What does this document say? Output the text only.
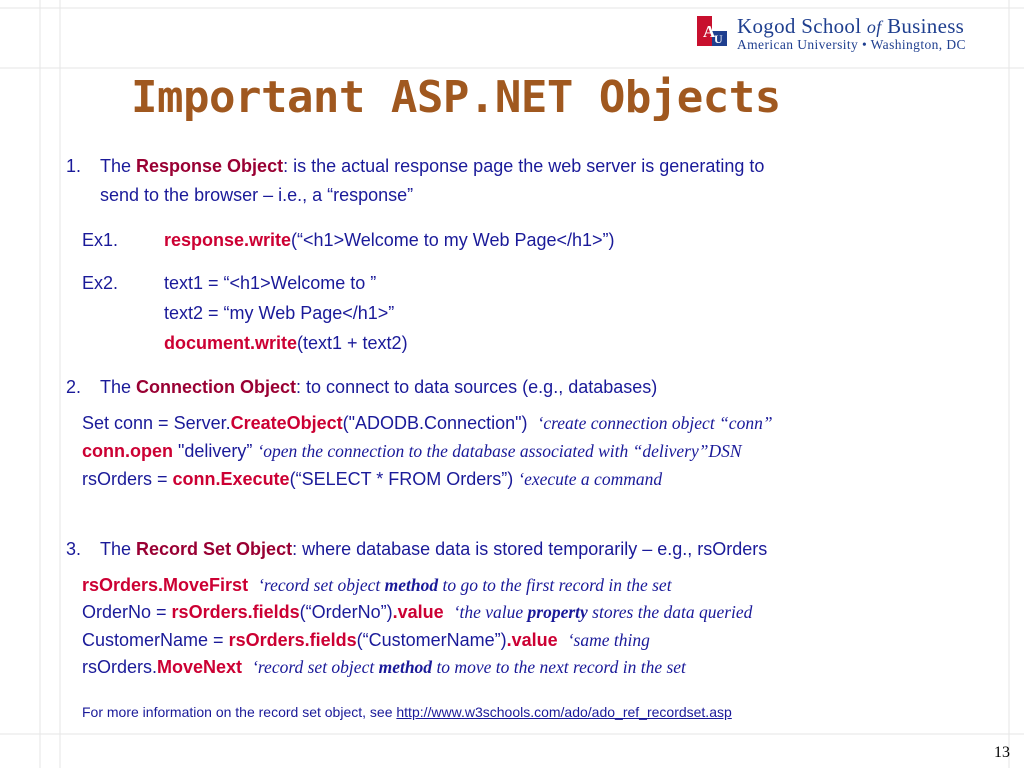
A
U
Kogod School of Business
American University • Washington, DC
Important ASP.NET Objects
1. The Response Object: is the actual response page the web server is generating to
send to the browser – i.e., a “response”
Ex1.	response.write(“<h1>Welcome to my Web Page</h1>”)
Ex2.	text1 = “<h1>Welcome to ”
text2 = “my Web Page</h1>”
document.write(text1 + text2)
2. The Connection Object: to connect to data sources (e.g., databases)
Set conn = Server.CreateObject("ADODB.Connection") ‘create connection object “conn”
conn.open "delivery” ‘open the connection to the database associated with “delivery”DSN
rsOrders = conn.Execute(“SELECT * FROM Orders”) ‘execute a command
3. The Record Set Object: where database data is stored temporarily – e.g., rsOrders
rsOrders.MoveFirst ‘record set object method to go to the first record in the set
OrderNo = rsOrders.fields(“OrderNo”).value ‘the value property stores the data queried
CustomerName = rsOrders.fields(“CustomerName”).value ‘same thing
rsOrders.MoveNext ‘record set object method to move to the next record in the set
For more information on the record set object, see http://www.w3schools.com/ado/ado_ref_recordset.asp
13
